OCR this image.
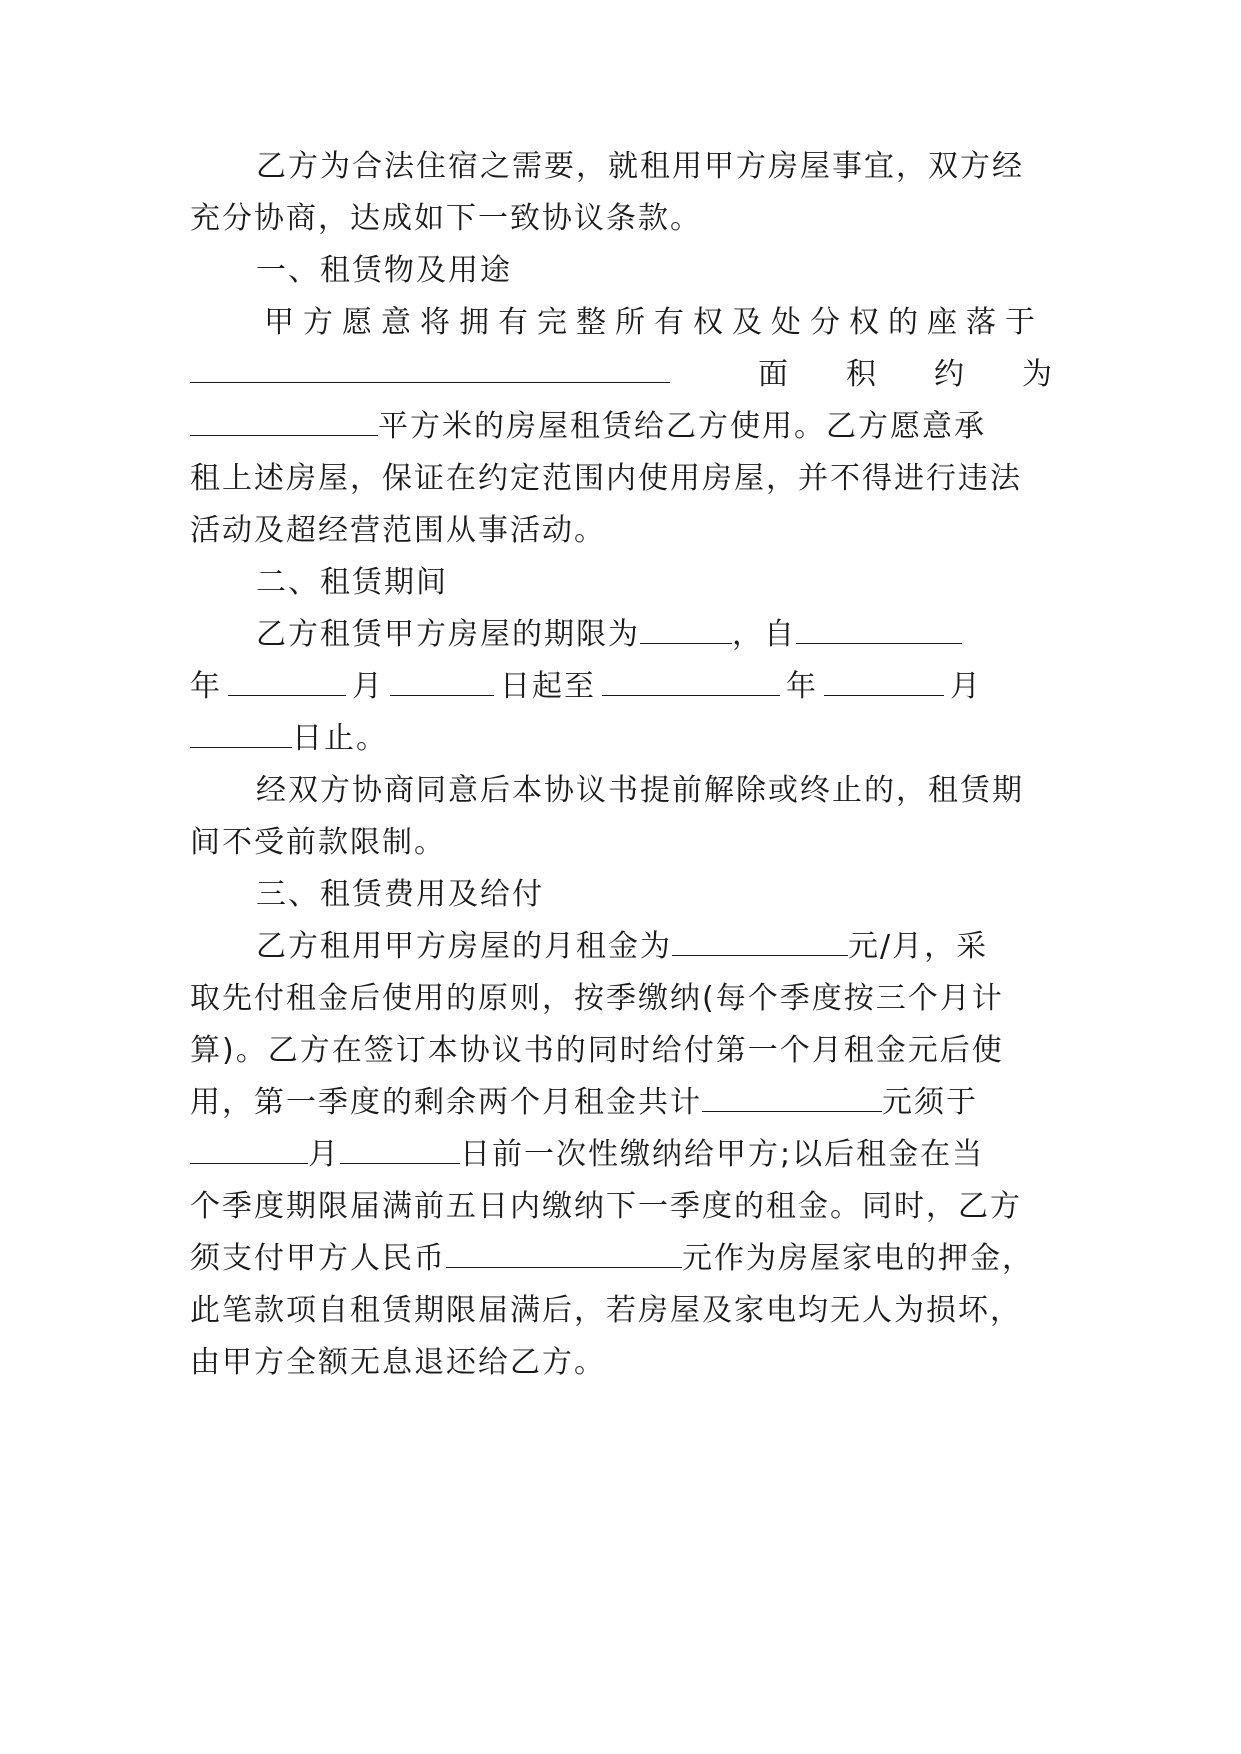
乙方为合法住宿之需要，就租用甲方房屋事宜，双方经
充分协商，达成如下一致协议条款。
一、租赁物及用途
甲方愿意将拥有完整所有权及处分权的座落于
面 积 约 为
平方米的房屋租赁给乙方使用。乙方愿意承
租上述房屋，保证在约定范围内使用房屋，并不得进行违法
活动及超经营范围从事活动。
二、租赁期间
乙方租赁甲方房屋的期限为	，自
年	月	日起至	年	月
日止。
经双方协商同意后本协议书提前解除或终止的，租赁期
间不受前款限制。
三、租赁费用及给付
乙方租用甲方房屋的月租金为	元/月，采
取先付租金后使用的原则，按季缴纳(每个季度按三个月计
算)。乙方在签订本协议书的同时给付第一个月租金元后使
用，第一季度的剩余两个月租金共计	元须于
月	日前一次性缴纳给甲方;以后租金在当
个季度期限届满前五日内缴纳下一季度的租金。同时，乙方
须支付甲方人民币	元作为房屋家电的押金，
此笔款项自租赁期限届满后，若房屋及家电均无人为损坏，
由甲方全额无息退还给乙方。
